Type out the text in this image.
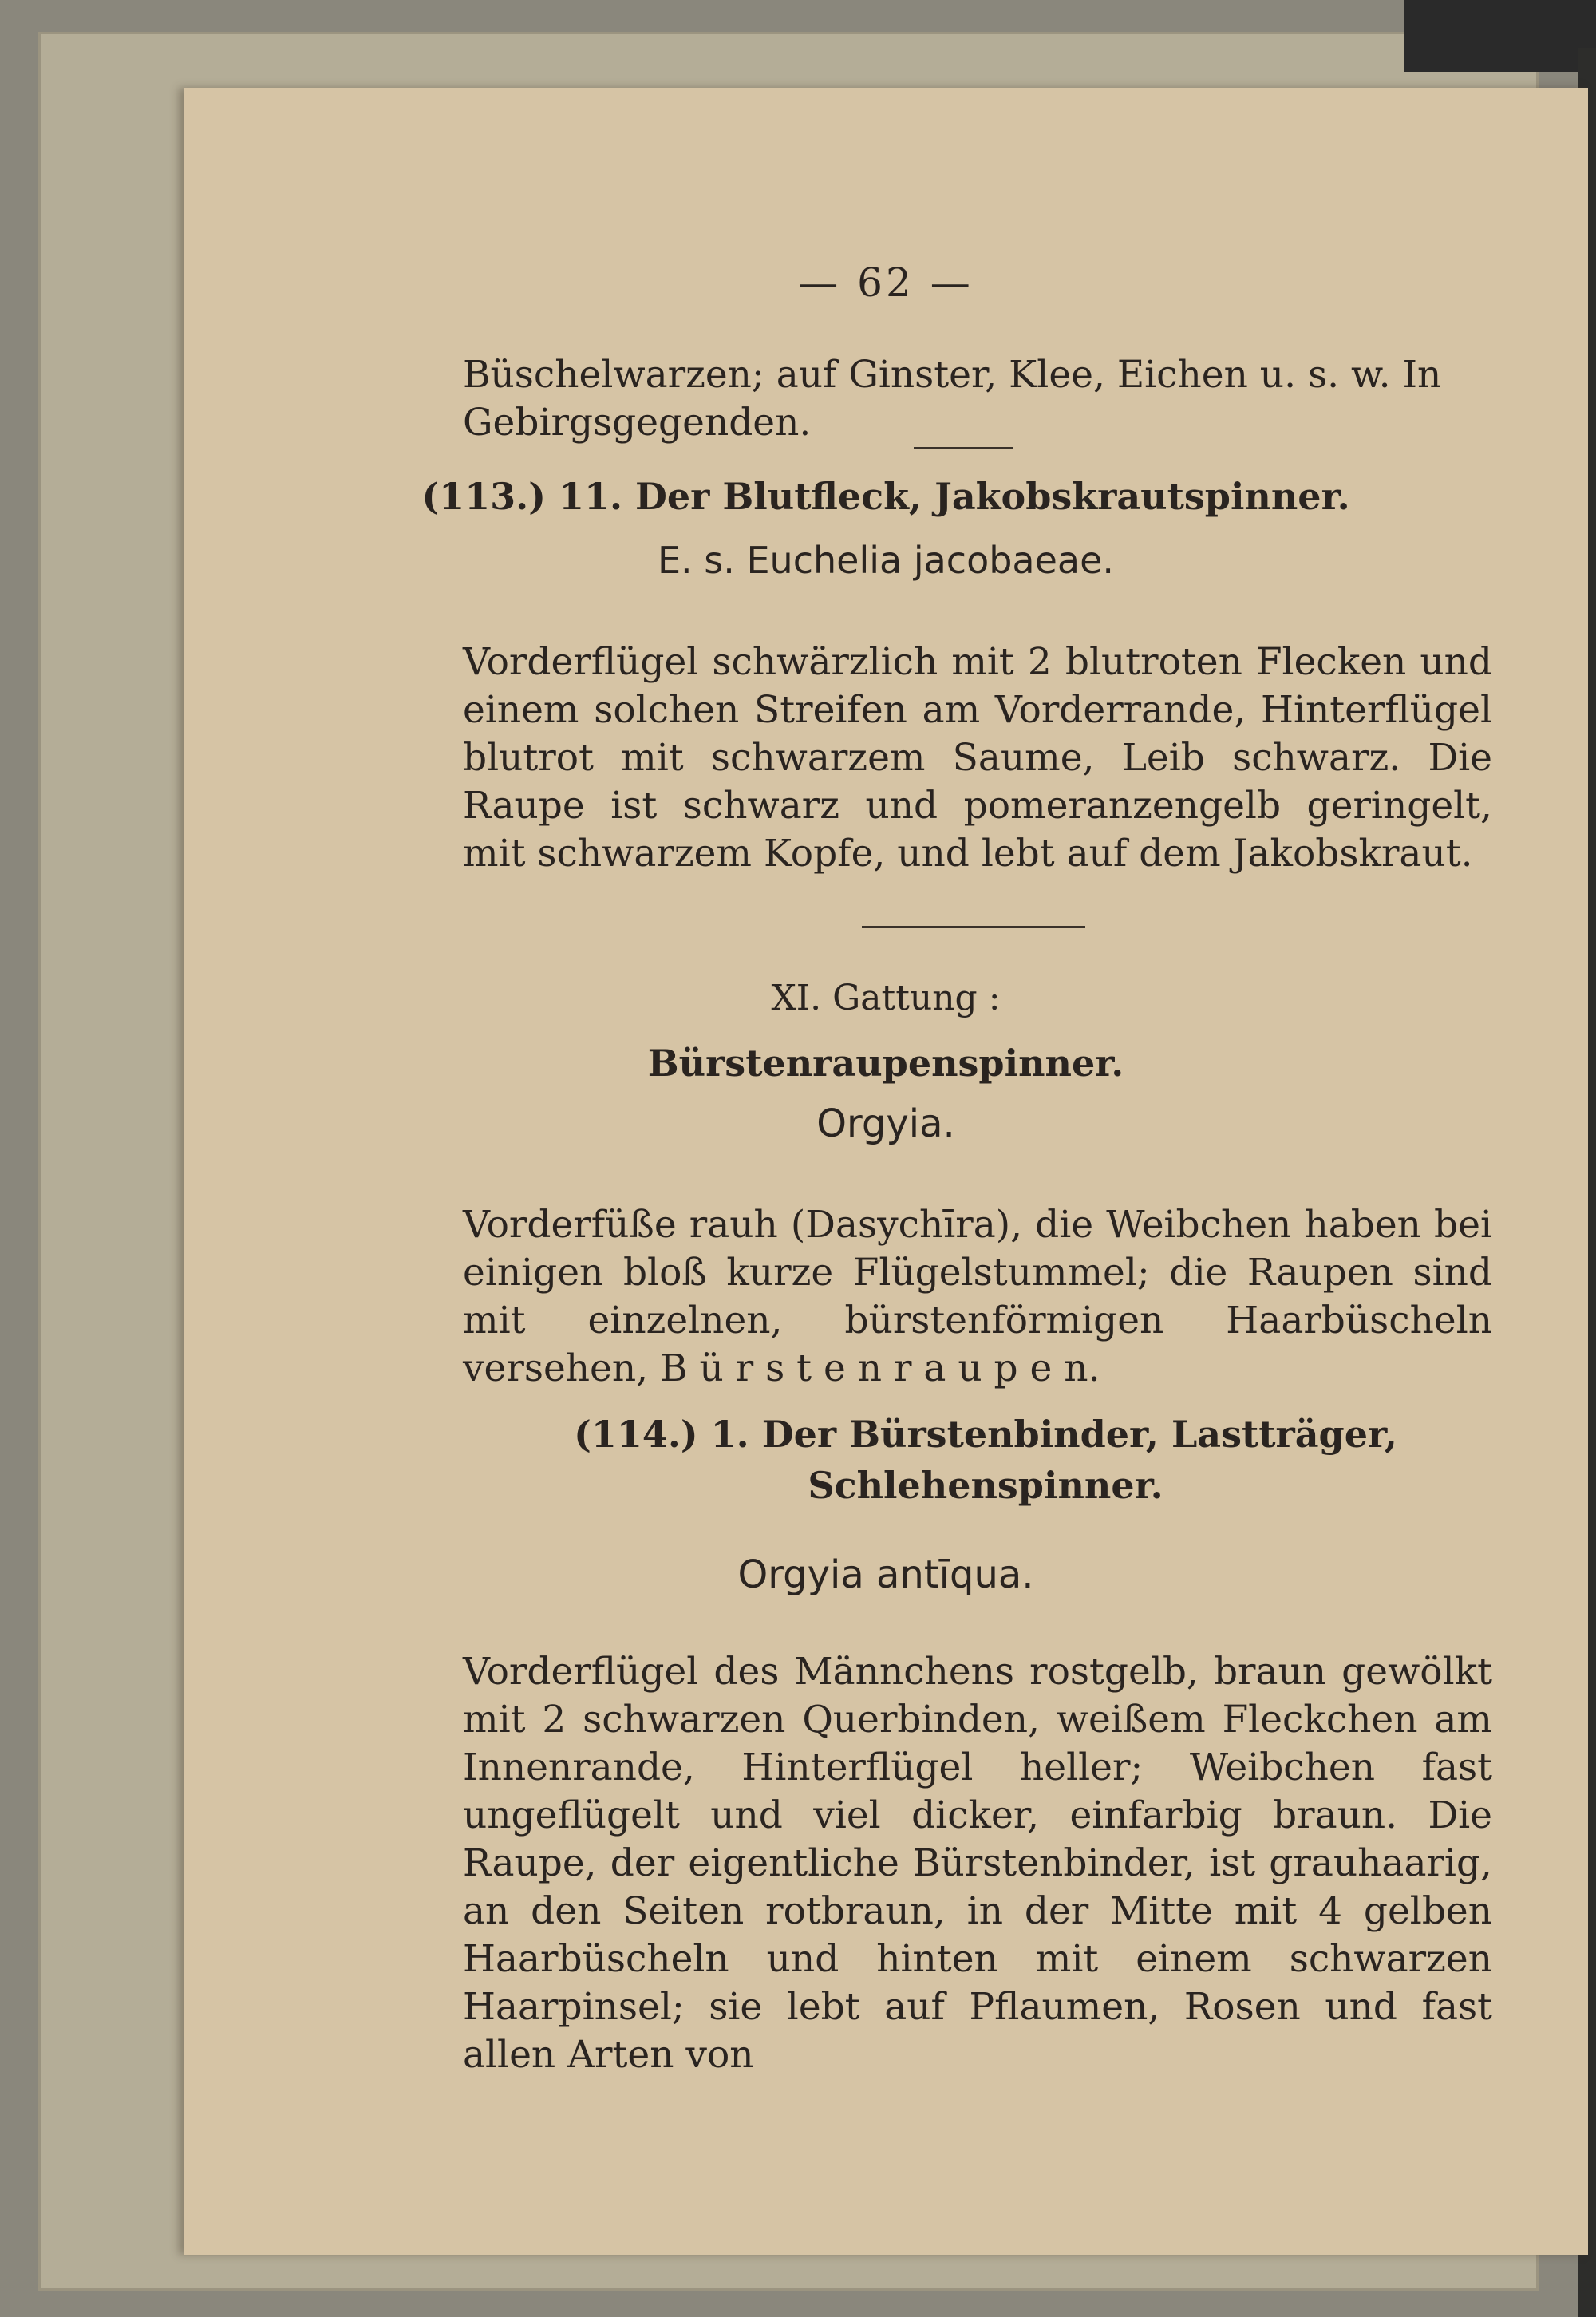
— 62 —
Büschelwarzen; auf Ginster, Klee, Eichen u. s. w. In Gebirgsgegenden.
(113.) 11. Der Blutfleck, Jakobskrautspinner.
E. s. Euchelia jacobaeae.
Vorderflügel schwärzlich mit 2 blutroten Flecken und einem solchen Streifen am Vorderrande, Hinterflügel blutrot mit schwarzem Saume, Leib schwarz. Die Raupe ist schwarz und pomeranzengelb geringelt, mit schwarzem Kopfe, und lebt auf dem Jakobskraut.
XI. Gattung :
Bürstenraupenspinner.
Orgyia.
Vorderfüße rauh (Dasychīra), die Weibchen haben bei einigen bloß kurze Flügelstummel; die Raupen sind mit einzelnen, bürstenförmigen Haarbüscheln versehen, B ü r s t e n r a u p e n.
(114.) 1. Der Bürstenbinder, Lastträger, Schlehenspinner.
Orgyia antīqua.
Vorderflügel des Männchens rostgelb, braun gewölkt mit 2 schwarzen Querbinden, weißem Fleckchen am Innenrande, Hinterflügel heller; Weibchen fast ungeflügelt und viel dicker, einfarbig braun. Die Raupe, der eigentliche Bürstenbinder, ist grauhaarig, an den Seiten rotbraun, in der Mitte mit 4 gelben Haarbüscheln und hinten mit einem schwarzen Haarpinsel; sie lebt auf Pflaumen, Rosen und fast allen Arten von
